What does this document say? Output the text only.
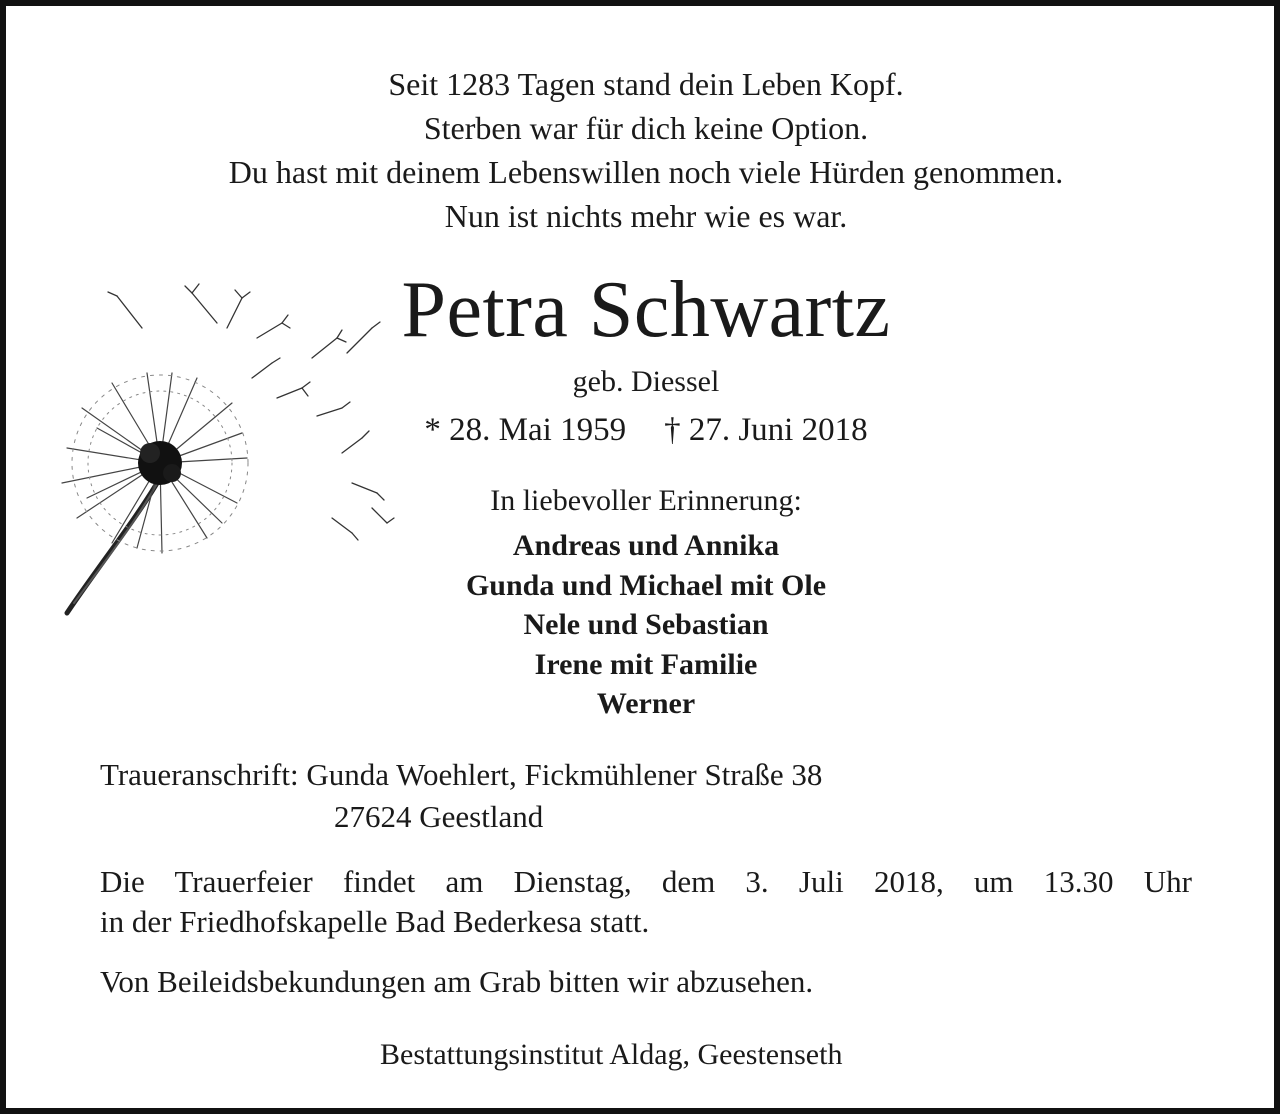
Seit 1283 Tagen stand dein Leben Kopf.
Sterben war für dich keine Option.
Du hast mit deinem Lebenswillen noch viele Hürden genommen.
Nun ist nichts mehr wie es war.
Petra Schwartz
geb. Diessel
* 28. Mai 1959 † 27. Juni 2018
In liebevoller Erinnerung:
Andreas und Annika
Gunda und Michael mit Ole
Nele und Sebastian
Irene mit Familie
Werner
Traueranschrift: Gunda Woehlert, Fickmühlener Straße 38
27624 Geestland
Die Trauerfeier findet am Dienstag, dem 3. Juli 2018, um 13.30 Uhr
in der Friedhofskapelle Bad Bederkesa statt.
Von Beileidsbekundungen am Grab bitten wir abzusehen.
Bestattungsinstitut Aldag, Geestenseth
